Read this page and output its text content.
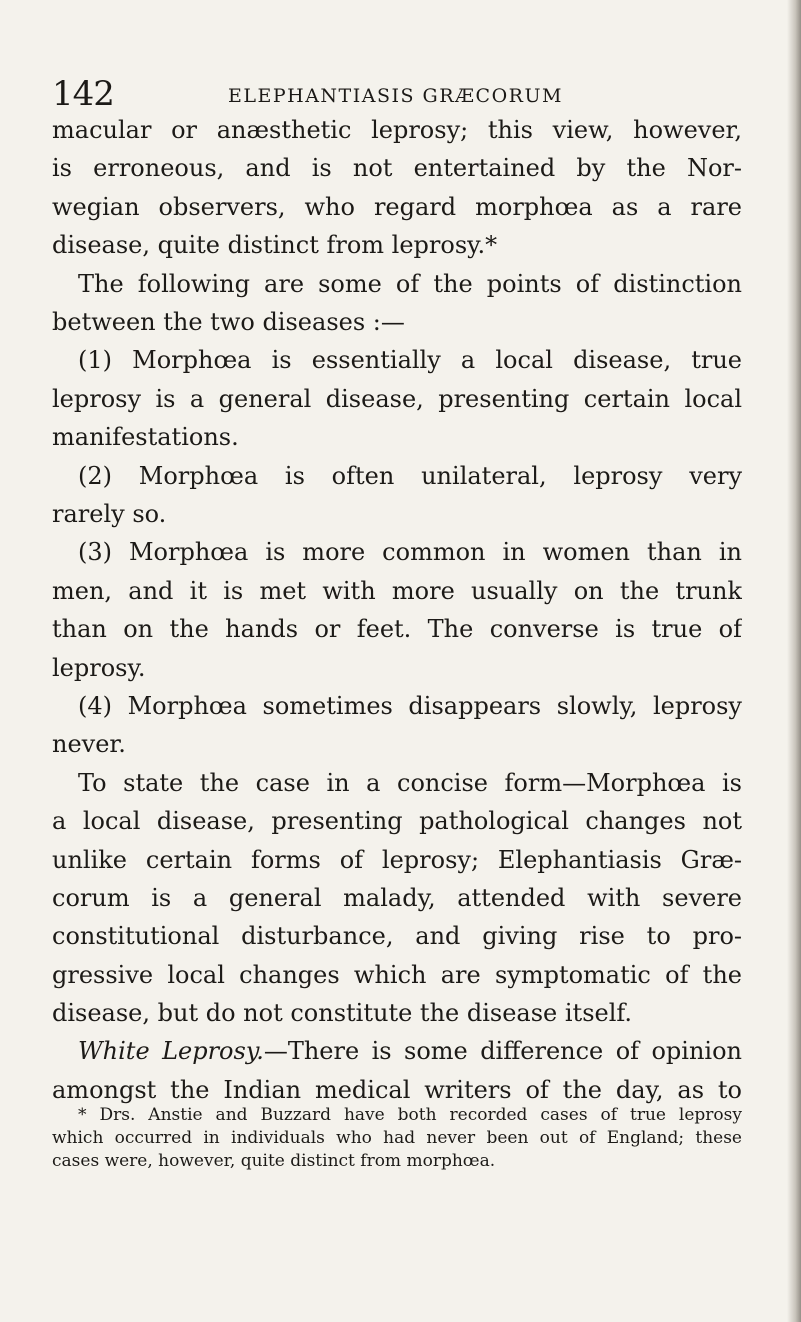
142	ELEPHANTIASIS GRÆCORUM
macular or anæsthetic leprosy; this view, however,
is erroneous, and is not entertained by the Nor-
wegian observers, who regard morphœa as a rare
disease, quite distinct from leprosy.*
The following are some of the points of distinction
between the two diseases :—
(1) Morphœa is essentially a local disease, true
leprosy is a general disease, presenting certain local
manifestations.
(2) Morphœa is often unilateral, leprosy very
rarely so.
(3) Morphœa is more common in women than in
men, and it is met with more usually on the trunk
than on the hands or feet. The converse is true of
leprosy.
(4) Morphœa sometimes disappears slowly, leprosy
never.
To state the case in a concise form—Morphœa is
a local disease, presenting pathological changes not
unlike certain forms of leprosy; Elephantiasis Græ-
corum is a general malady, attended with severe
constitutional disturbance, and giving rise to pro-
gressive local changes which are symptomatic of the
disease, but do not constitute the disease itself.
White Leprosy.—There is some difference of opinion
amongst the Indian medical writers of the day, as to
* Drs. Anstie and Buzzard have both recorded cases of true leprosy
which occurred in individuals who had never been out of England; these
cases were, however, quite distinct from morphœa.
